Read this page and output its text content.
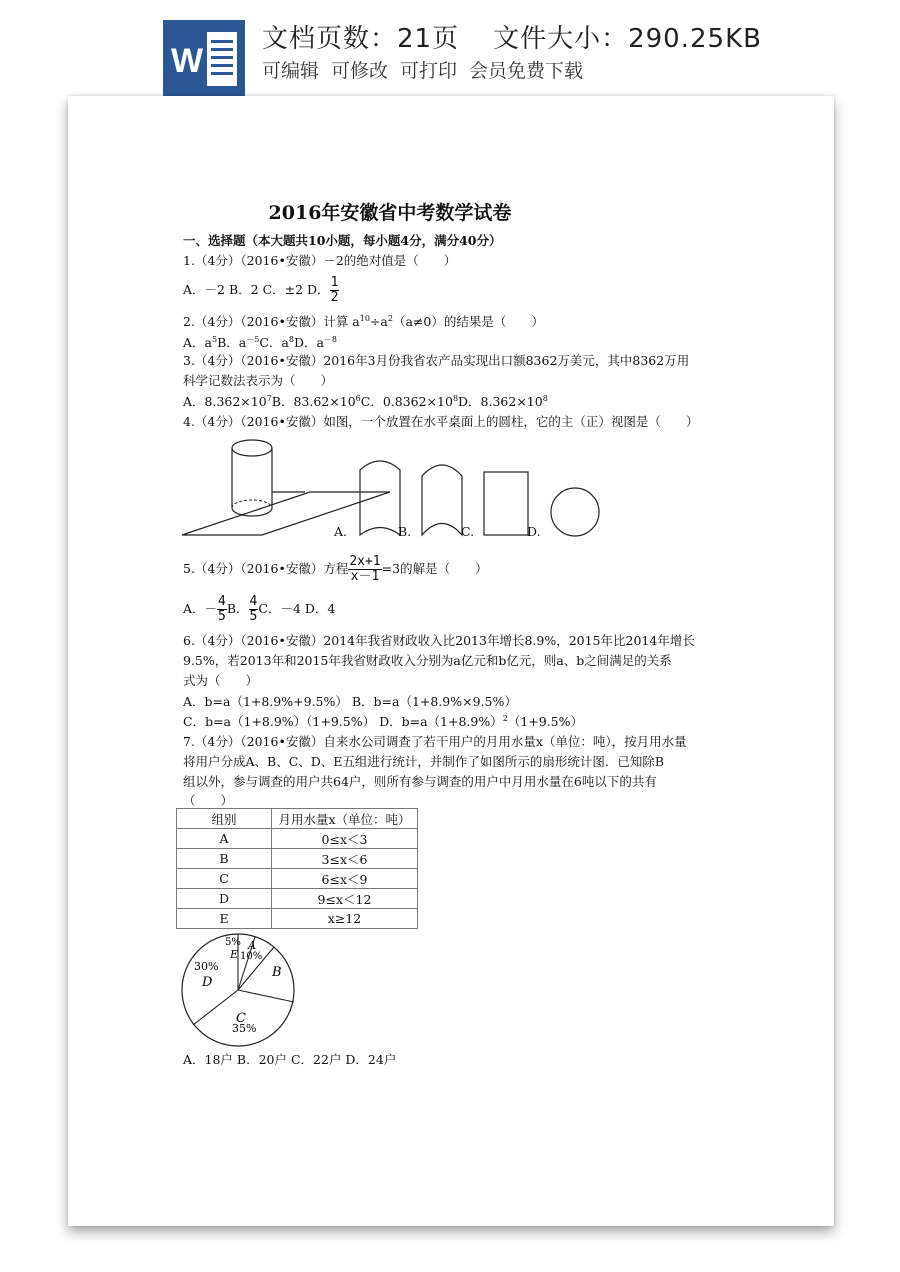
W
文档页数：21页 文件大小：290.25KB
可编辑 可修改 可打印 会员免费下载
2016年安徽省中考数学试卷
一、选择题（本大题共10小题，每小题4分，满分40分）
1.（4分）（2016•安徽）－2的绝对值是（　　）
A．－2 B．2 C．±2 D． $\frac{1}{2}$
2.（4分）（2016•安徽）计算 $a^{10}\div a^2(a\ne 0)$的结果是（　　）
A．$a^5B$．$a^{-5}C$．$a^8D$．$a^{-8}$
3.（4分）（2016•安徽）2016年3月份我省农产品实现出口额8362万美元，其中8362万用
科学记数法表示为（　　）
A．$8.362\times 10^7B$．$83.62\times 10^6C$．$0.8362\times 10^8D$．$8.362\times 10^8$
4.（4分）（2016•安徽）如图，一个放置在水平桌面上的圆柱，它的主（正）视图是（　　）
A.	B.	C.	D.
5.（4分）（2016•安徽）方程 $\frac{2x+1}{x-1} =3$的解是（　　）
A．－ $\frac{4}{5}$ B． $\frac{4}{5}$ C．－4 D．4
6.（4分）（2016•安徽）2014年我省财政收入比2013年增长8.9%，2015年比2014年增长
9.5%，若2013年和2015年我省财政收入分别为a亿元和b亿元，则a、b之间满足的关系
式为（　　）
A．b=a（1+8.9%+9.5%） B．b=a（1+8.9%×9.5%）
C．b=a（1+8.9%）（1+9.5%） D．$b=a(1+8.9\%)^2(1+9.5\%)$
7.（4分）（2016•安徽）自来水公司调查了若干用户的月用水量x（单位：吨），按月用水量
将用户分成A、B、C、D、E五组进行统计，并制作了如图所示的扇形统计图．已知除B
组以外，参与调查的用户共64户，则所有参与调查的用户中月用水量在6吨以下的共有
（　　）
组别	月用水量x（单位：吨）
A	0≤x＜3
B	3≤x＜6
C	6≤x＜9
D	9≤x＜12
E	x≥12
5% A
E 10%
30%
D
B
C
35%
A．18户 B．20户 C．22户 D．24户
